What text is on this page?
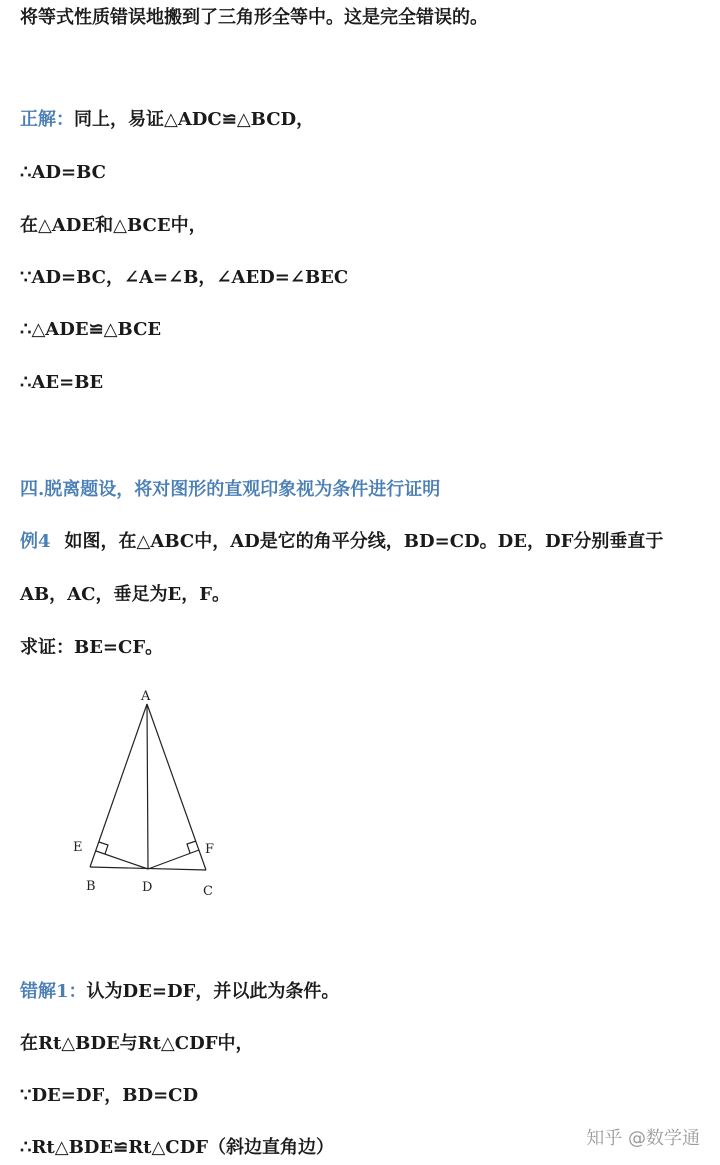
将等式性质错误地搬到了三角形全等中。这是完全错误的。
正解：同上，易证△ADC≌△BCD，
∴AD=BC
在△ADE和△BCE中，
∵AD=BC，∠A=∠B，∠AED=∠BEC
∴△ADE≌△BCE
∴AE=BE
四.脱离题设，将对图形的直观印象视为条件进行证明
例4 如图，在△ABC中，AD是它的角平分线，BD=CD。DE，DF分别垂直于
AB，AC，垂足为E，F。
求证：BE=CF。
A
E	F
B	D	C
错解1：认为DE=DF，并以此为条件。
在Rt△BDE与Rt△CDF中，
∵DE=DF，BD=CD
∴Rt△BDE≌Rt△CDF（斜边直角边）	知乎 @数学通
